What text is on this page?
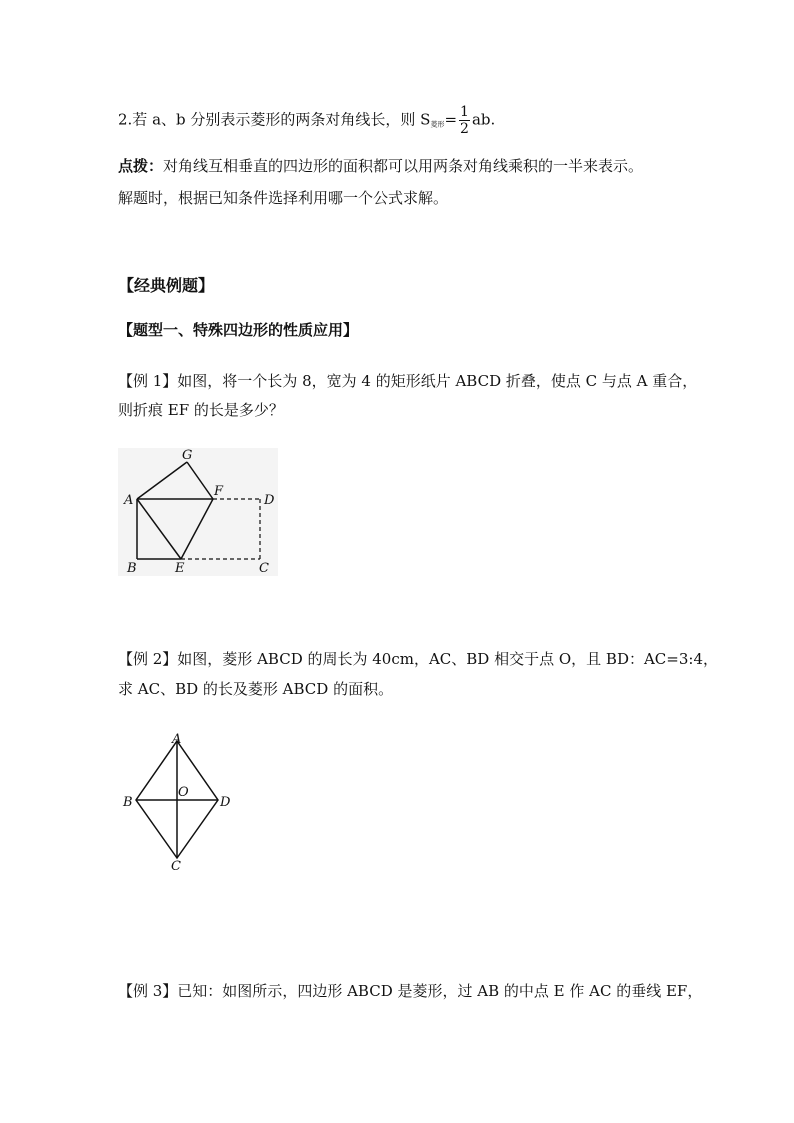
2.若 a、b 分别表示菱形的两条对角线长，则 $S_{菱形}= \frac{1}{2}$ ab.
点拨：对角线互相垂直的四边形的面积都可以用两条对角线乘积的一半来表示。
解题时，根据已知条件选择利用哪一个公式求解。
【经典例题】
【题型一、特殊四边形的性质应用】
【例 1】如图，将一个长为 8，宽为 4 的矩形纸片 ABCD 折叠，使点 C 与点 A 重合，
则折痕 EF 的长是多少？
G
A
F
D
B	E	C
【例 2】如图，菱形 ABCD 的周长为 40cm，AC、BD 相交于点 O，且 BD：AC=3:4，
求 AC、BD 的长及菱形 ABCD 的面积。
A
B
O
D
C
【例 3】已知：如图所示，四边形 ABCD 是菱形，过 AB 的中点 E 作 AC 的垂线 EF，
